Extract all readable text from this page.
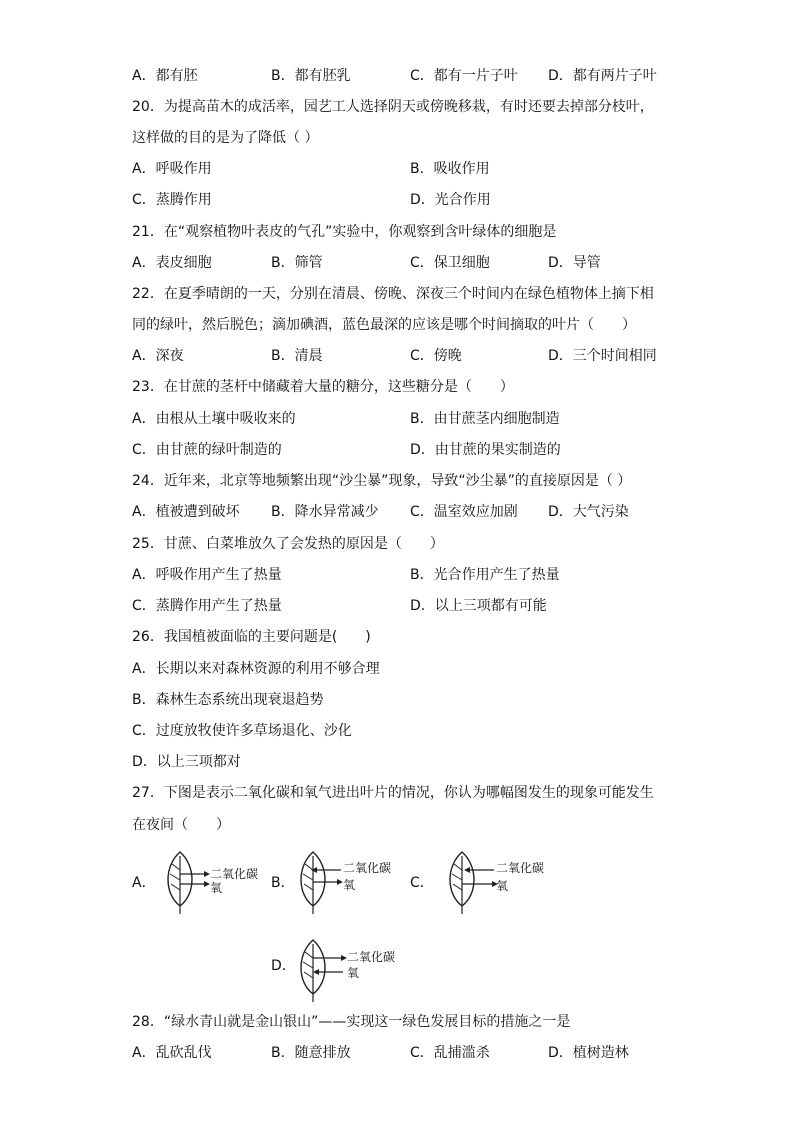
A．都有胚	B．都有胚乳	C．都有一片子叶 D．都有两片子叶
20．为提高苗木的成活率，园艺工人选择阴天或傍晚移栽，有时还要去掉部分枝叶，
这样做的目的是为了降低（ ）
A．呼吸作用	B．吸收作用
C．蒸腾作用	D．光合作用
21．在“观察植物叶表皮的气孔”实验中，你观察到含叶绿体的细胞是
A．表皮细胞	B．筛管	C．保卫细胞	D．导管
22．在夏季晴朗的一天，分别在清晨、傍晚、深夜三个时间内在绿色植物体上摘下相
同的绿叶，然后脱色；滴加碘酒，蓝色最深的应该是哪个时间摘取的叶片（　　）
A．深夜	B．清晨	C．傍晚	D．三个时间相同
23．在甘蔗的茎杆中储藏着大量的糖分，这些糖分是（　　）
A．由根从土壤中吸收来的	B．由甘蔗茎内细胞制造
C．由甘蔗的绿叶制造的	D．由甘蔗的果实制造的
24．近年来，北京等地频繁出现“沙尘暴”现象，导致“沙尘暴”的直接原因是（ ）
A．植被遭到破坏 B．降水异常减少 C．温室效应加剧 D．大气污染
25．甘蔗、白菜堆放久了会发热的原因是（　　）
A．呼吸作用产生了热量	B．光合作用产生了热量
C．蒸腾作用产生了热量	D．以上三项都有可能
26．我国植被面临的主要问题是(　　)
A．长期以来对森林资源的利用不够合理
B．森林生态系统出现衰退趋势
C．过度放牧使许多草场退化、沙化
D．以上三项都对
27．下图是表示二氧化碳和氧气进出叶片的情况，你认为哪幅图发生的现象可能发生
在夜间（　　）
A．
二氧化碳
氧	B．
二氧化碳
氧	C．
二氧化碳
氧
D．
二氧化碳
氧
28．“绿水青山就是金山银山”——实现这一绿色发展目标的措施之一是
A．乱砍乱伐	B．随意排放	C．乱捕滥杀	D．植树造林
